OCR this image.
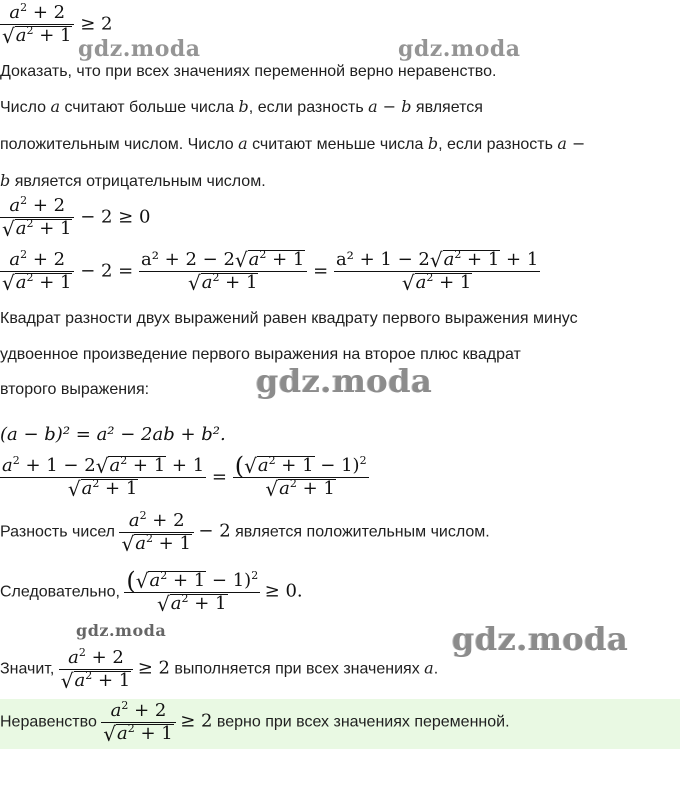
$\frac{a^2 + 2}{√a^2 + 1} \ge 2$
gdz.moda	gdz.moda
Доказать, что при всех значениях переменной верно неравенство.
Число a считают больше числа b, если разность a − b является
положительным числом. Число a считают меньше числа b, если разность a −
b является отрицательным числом.
$\frac{a^2 + 2}{√a^2 + 1} - 2 \ge 0$
$\frac{a^2 + 2}{√a^2 + 1} - 2 = \frac{a^2 + 2 - 2√a^2 + 1}{√a^2 + 1} = \frac{a^2 + 1 - 2√a^2 + 1 + 1}{√a^2 + 1}$
Квадрат разности двух выражений равен квадрату первого выражения минус
удвоенное произведение первого выражения на второе плюс квадрат
второго выражения:	gdz.moda
(a − b)² = a² − 2ab + b².
$\frac{a^2 + 1 - 2√a^2 + 1 + 1}{√a^2 + 1} = \frac{(√a^2 + 1 - 1)^2}{√a^2 + 1}$
Разность чисел $\frac{a^2 + 2}{√a^2 + 1} - 2$ является положительным числом.
Следовательно, $\frac{(√a^2 + 1 - 1)^2}{√a^2 + 1} \ge 0$.
gdz.moda	gdz.moda
Значит, $\frac{a^2 + 2}{√a^2 + 1} \ge 2$ выполняется при всех значениях a.
Неравенство $\frac{a^2 + 2}{√a^2 + 1} \ge 2$ верно при всех значениях переменной.
